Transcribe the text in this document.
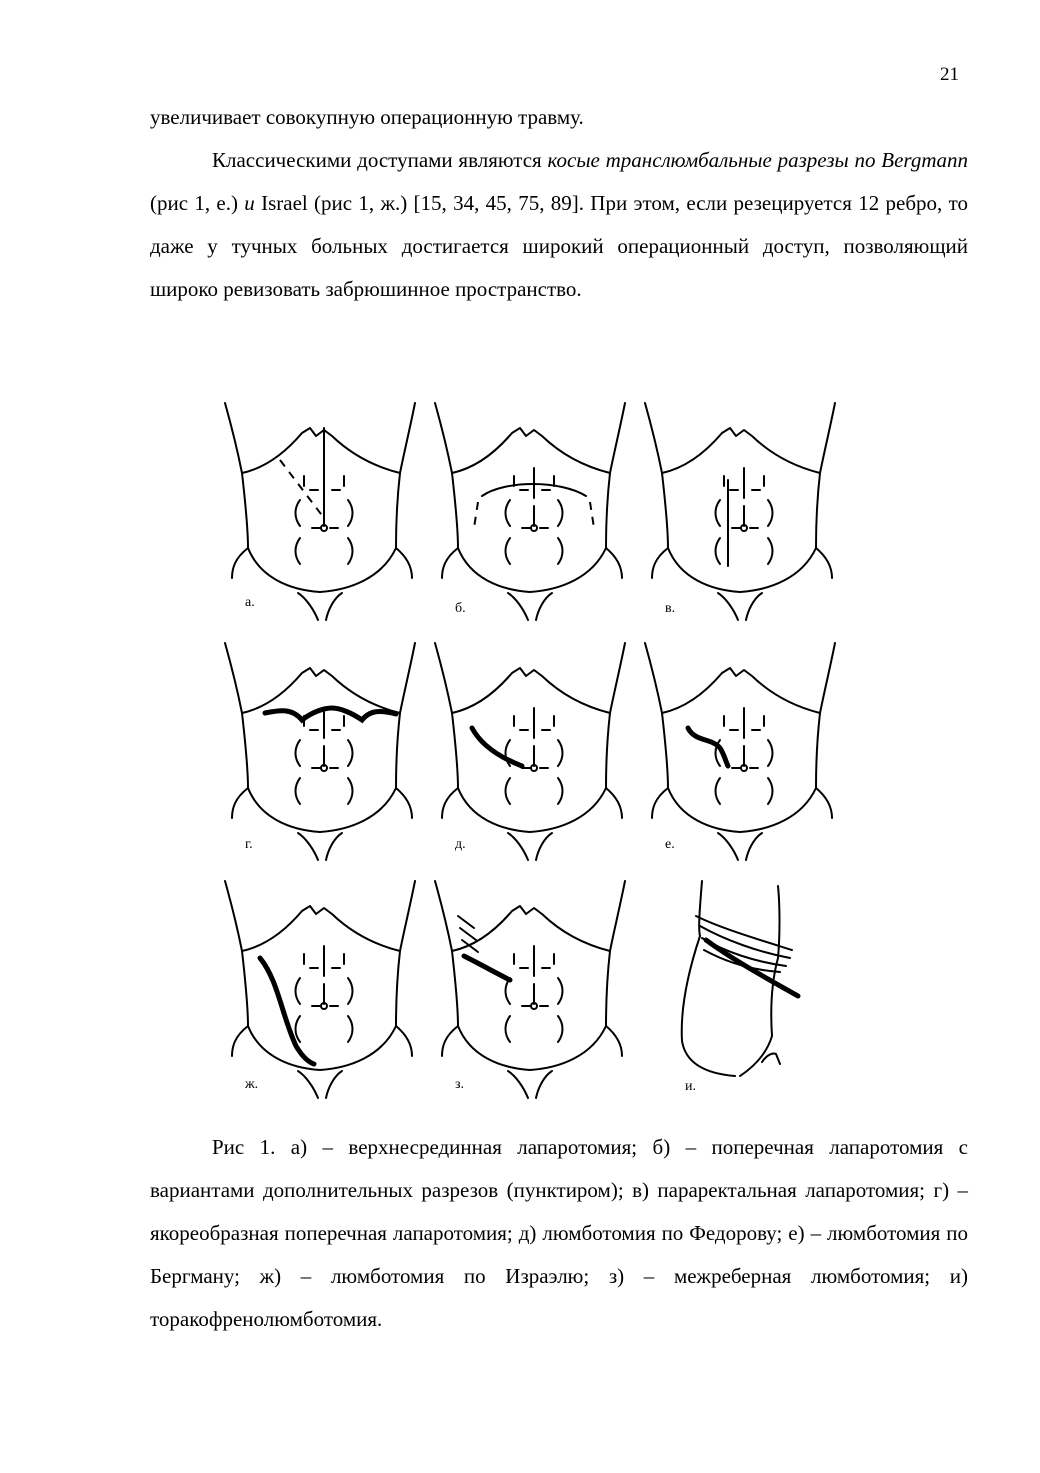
21

увеличивает совокупную операционную травму.

Классическими доступами являются косые транслюмбальные разрезы по Bergmann (рис 1, е.) и Israel (рис 1, ж.) [15, 34, 45, 75, 89]. При этом, если резецируется 12 ребро, то даже у тучных больных достигается широкий операционный доступ, позволяющий широко ревизовать забрюшинное пространство.

а.	б.	в.
г.	д.	е.
ж.	з.	и.

Рис 1. а) – верхнесрединная лапаротомия; б) – поперечная лапаротомия с вариантами дополнительных разрезов (пунктиром); в) параректальная лапаротомия; г) – якореобразная поперечная лапаротомия; д) люмботомия по Федорову; е) – люмботомия по Бергману; ж) – люмботомия по Израэлю; з) – межреберная люмботомия; и) торакофренолюмботомия.
